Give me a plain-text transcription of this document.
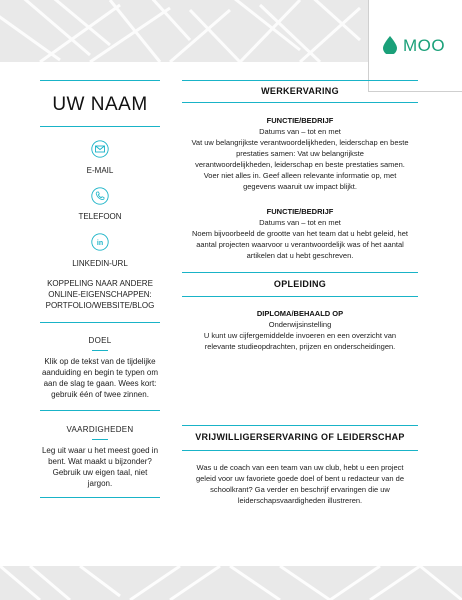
MOO
UW NAAM
E-MAIL
TELEFOON
in
LINKEDIN-URL
KOPPELING NAAR ANDERE ONLINE-EIGENSCHAPPEN: PORTFOLIO/WEBSITE/BLOG
DOEL
Klik op de tekst van de tijdelijke aanduiding en begin te typen om aan de slag te gaan. Wees kort: gebruik één of twee zinnen.
VAARDIGHEDEN
Leg uit waar u het meest goed in bent. Wat maakt u bijzonder? Gebruik uw eigen taal, niet jargon.
WERKERVARING
FUNCTIE/BEDRIJF
Datums van – tot en met
Vat uw belangrijkste verantwoordelijkheden, leiderschap en beste
prestaties samen: Vat uw belangrijkste
verantwoordelijkheden, leiderschap en beste prestaties samen.
Voer niet alles in. Geef alleen relevante informatie op, met
gegevens waaruit uw impact blijkt.
FUNCTIE/BEDRIJF
Datums van – tot en met
Noem bijvoorbeeld de grootte van het team dat u hebt geleid, het
aantal projecten waarvoor u verantwoordelijk was of het aantal
artikelen dat u hebt geschreven.
OPLEIDING
DIPLOMA/BEHAALD OP
Onderwijsinstelling
U kunt uw cijfergemiddelde invoeren en een overzicht van
relevante studieopdrachten, prijzen en onderscheidingen.
VRIJWILLIGERSERVARING OF LEIDERSCHAP
Was u de coach van een team van uw club, hebt u een project
geleid voor uw favoriete goede doel of bent u redacteur van de
schoolkrant? Ga verder en beschrijf ervaringen die uw
leiderschapsvaardigheden illustreren.
